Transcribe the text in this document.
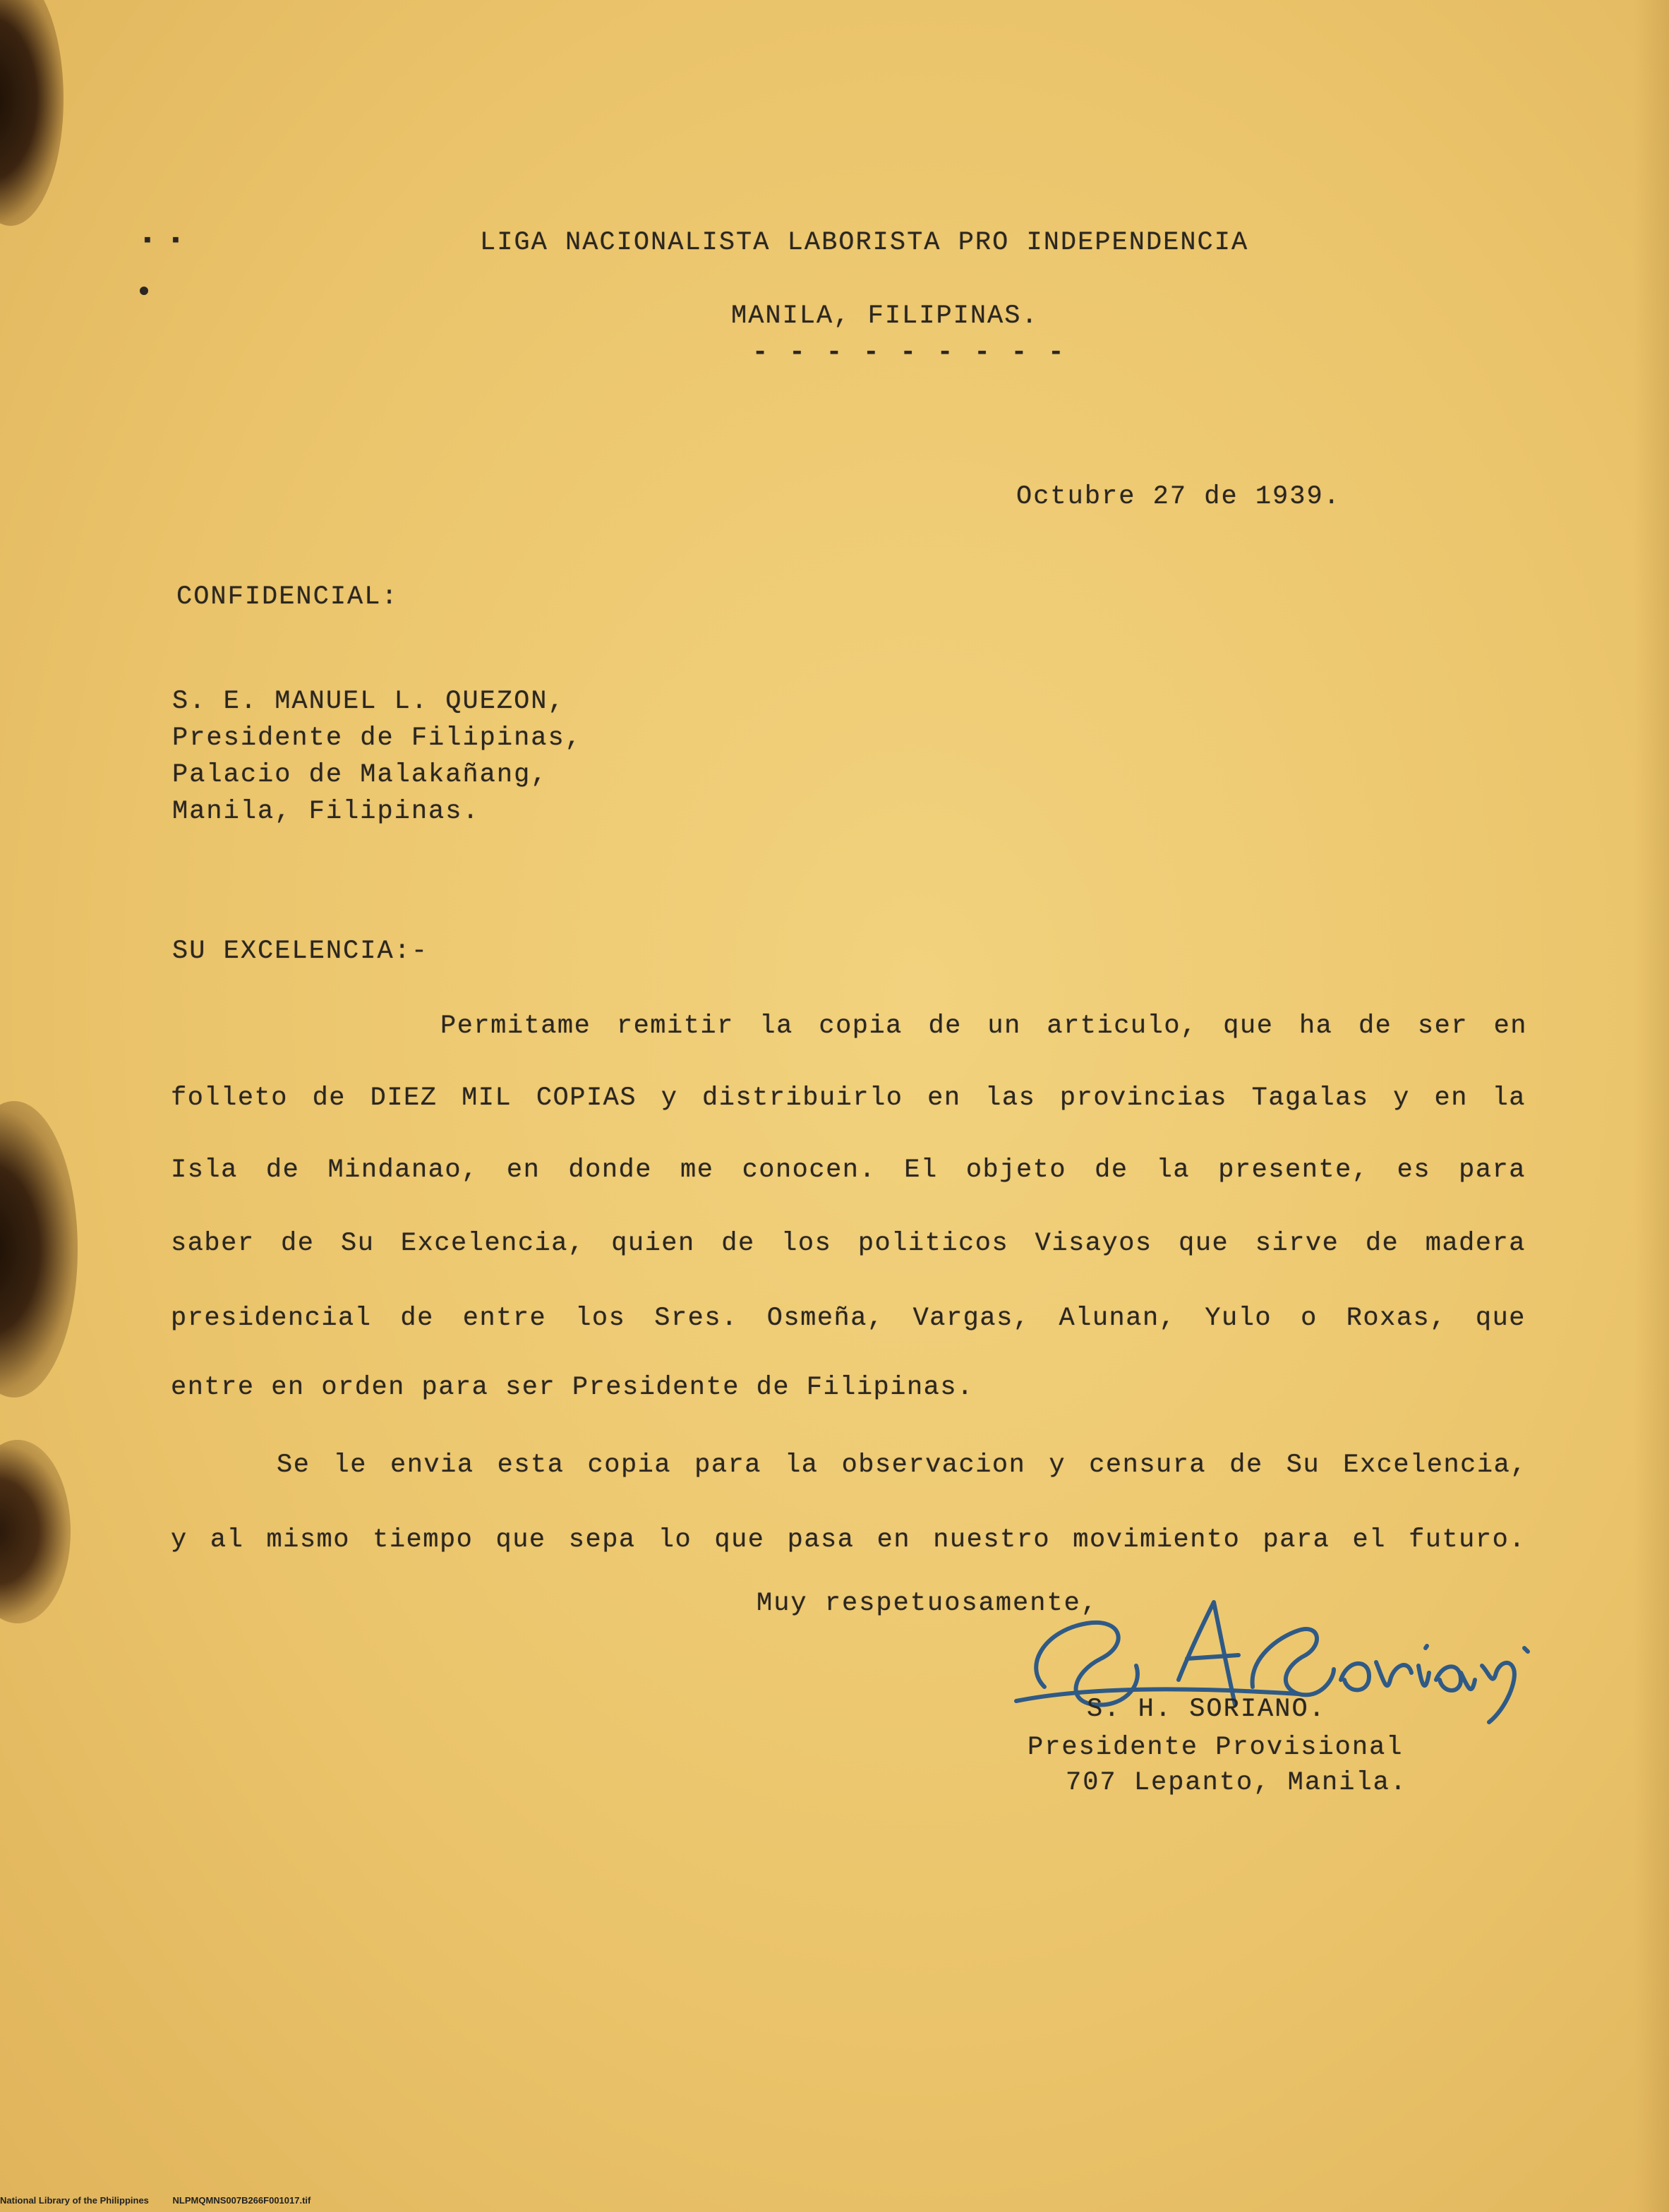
▪ ▪	LIGA NACIONALISTA LABORISTA PRO INDEPENDENCIA
MANILA, FILIPINAS.
- - - - - - - - -
Octubre 27 de 1939.
CONFIDENCIAL:
S. E. MANUEL L. QUEZON,
Presidente de Filipinas,
Palacio de Malakañang,
Manila, Filipinas.
SU EXCELENCIA:-
Permitame remitir la copia de un articulo, que ha de ser en
folleto de DIEZ MIL COPIAS y distribuirlo en las provincias Tagalas y en la
Isla de Mindanao, en donde me conocen. El objeto de la presente, es para
saber de Su Excelencia, quien de los politicos Visayos que sirve de madera
presidencial de entre los Sres. Osmeña, Vargas, Alunan, Yulo o Roxas, que
entre en orden para ser Presidente de Filipinas.
Se le envia esta copia para la observacion y censura de Su Excelencia,
y al mismo tiempo que sepa lo que pasa en nuestro movimiento para el futuro.
Muy respetuosamente,
S. H. SORIANO.
Presidente Provisional
707 Lepanto, Manila.
National Library of the Philippines	NLPMQMNS007B266F001017.tif
